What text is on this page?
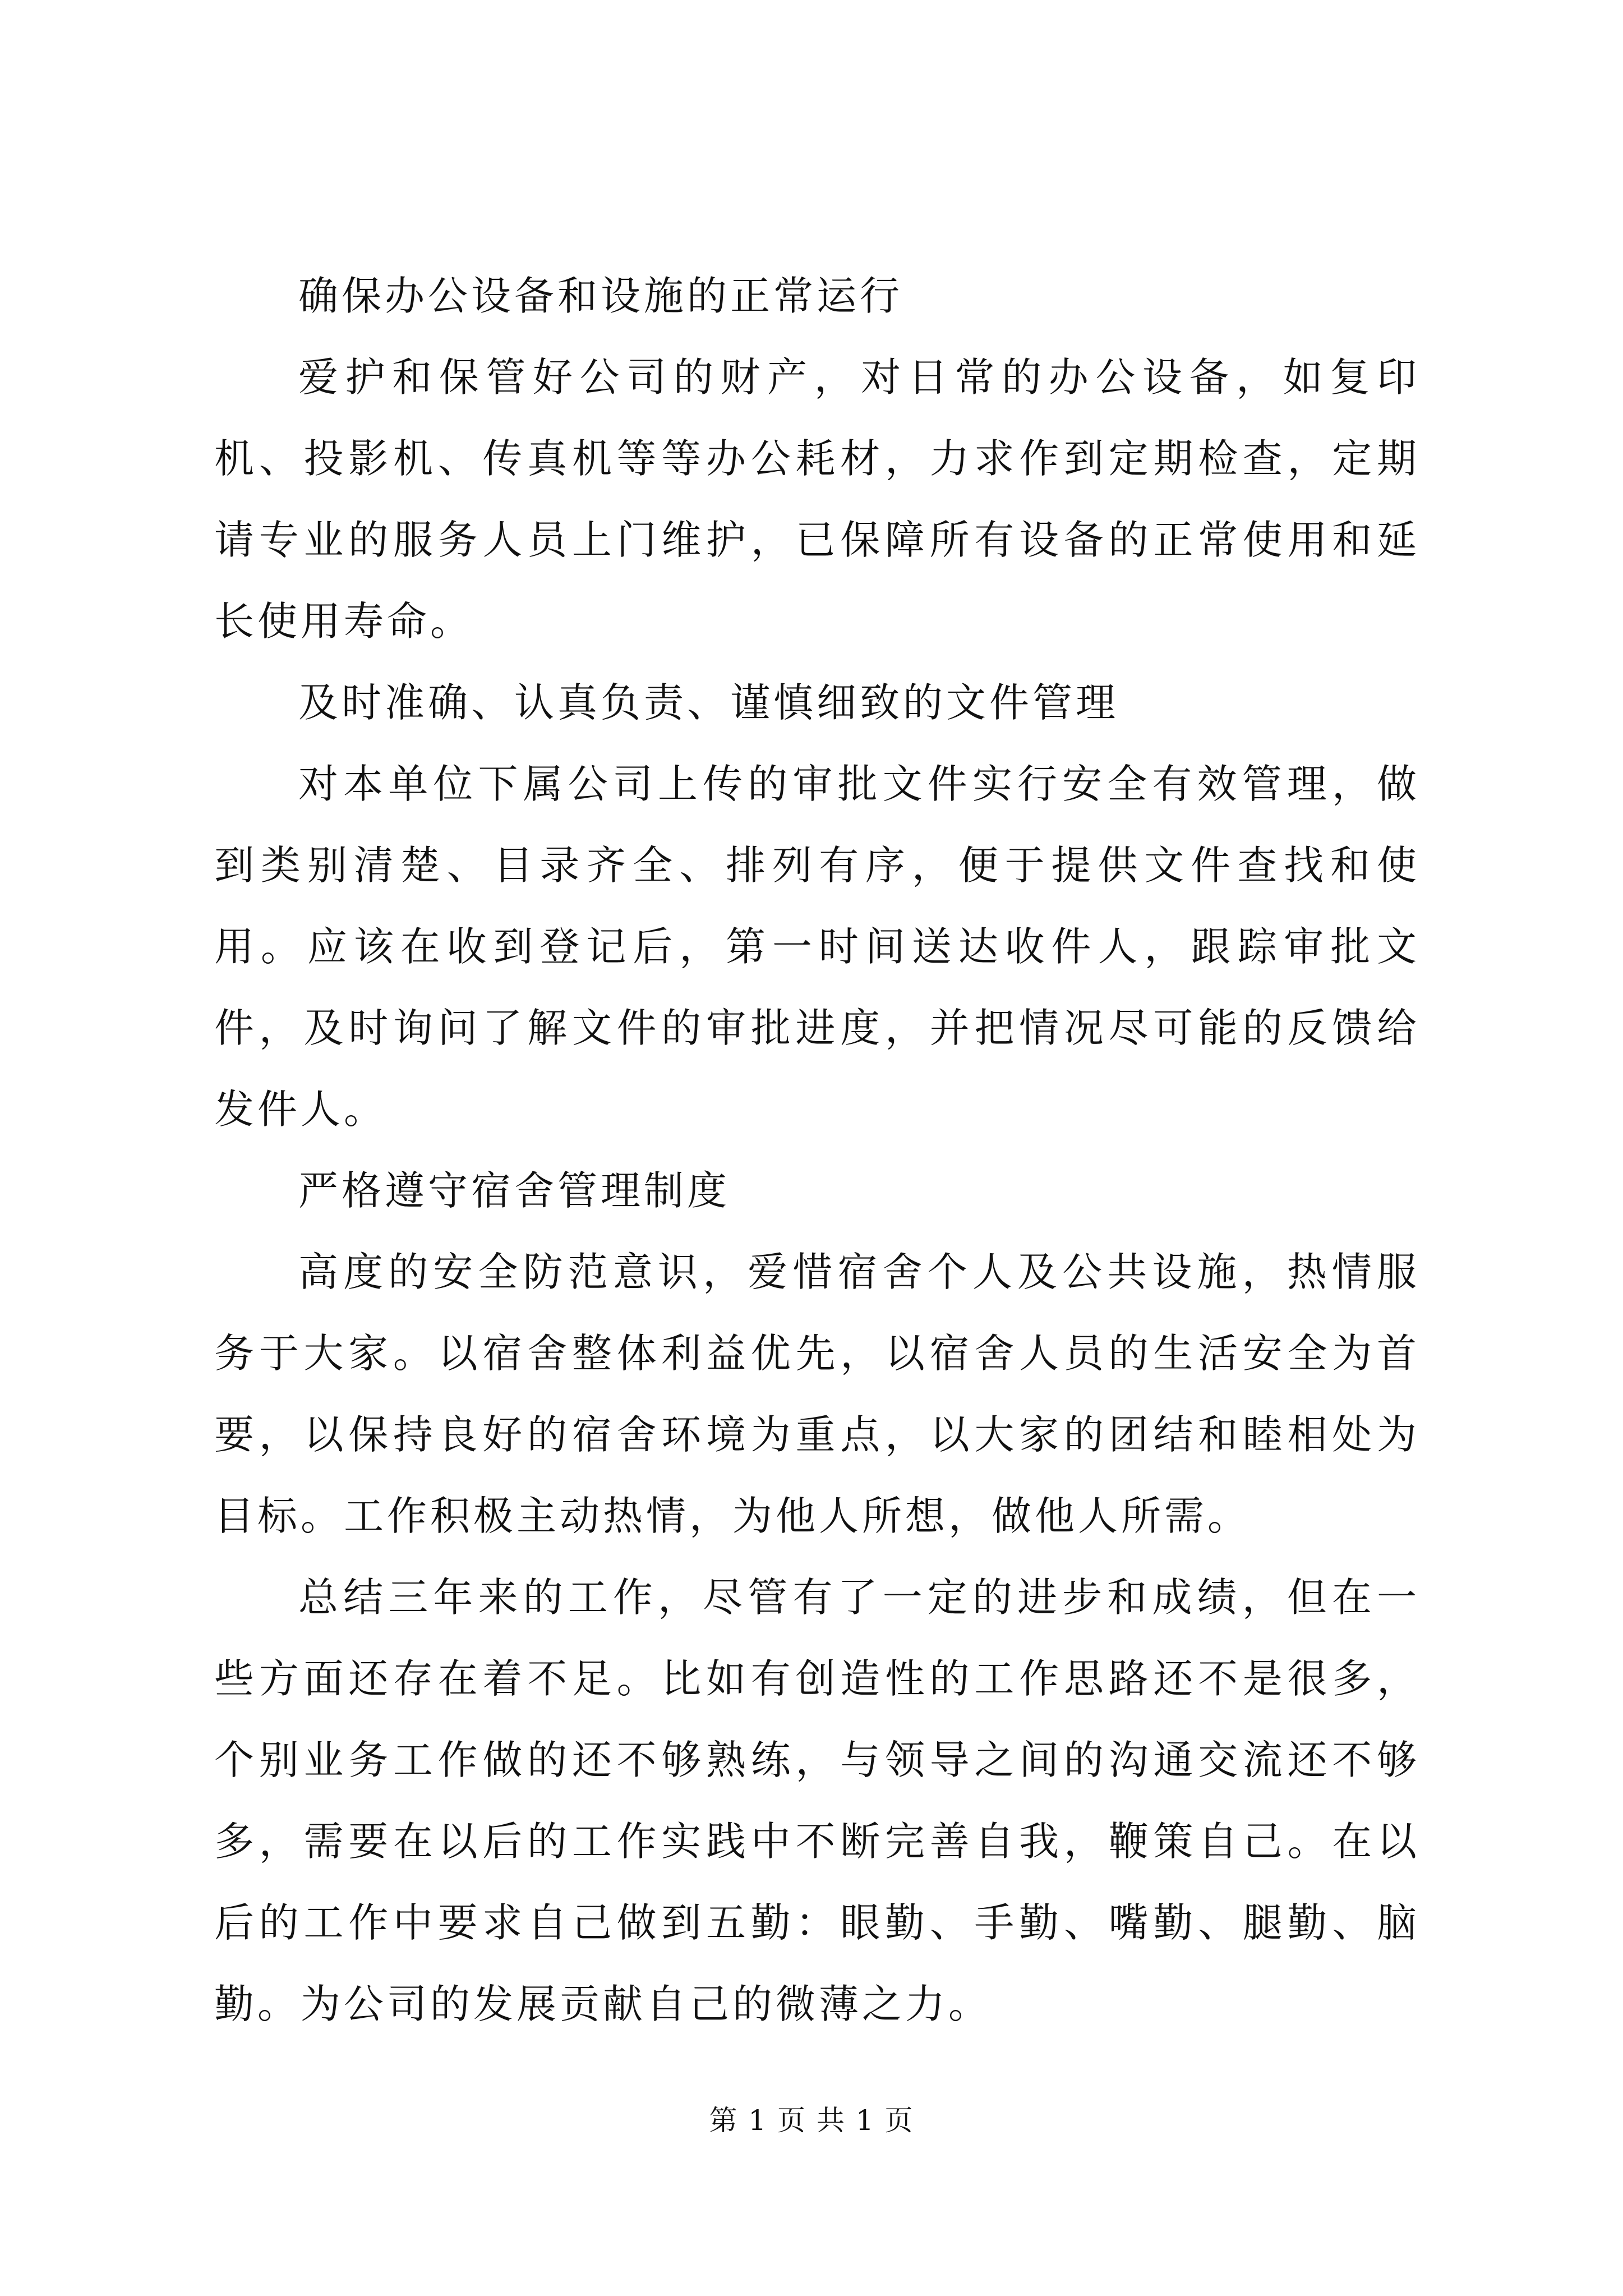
确保办公设备和设施的正常运行

爱护和保管好公司的财产，对日常的办公设备，如复印机、投影机、传真机等等办公耗材，力求作到定期检查，定期请专业的服务人员上门维护，已保障所有设备的正常使用和延长使用寿命。

及时准确、认真负责、谨慎细致的文件管理

对本单位下属公司上传的审批文件实行安全有效管理，做到类别清楚、目录齐全、排列有序，便于提供文件查找和使用。应该在收到登记后，第一时间送达收件人，跟踪审批文件，及时询问了解文件的审批进度，并把情况尽可能的反馈给发件人。

严格遵守宿舍管理制度

高度的安全防范意识，爱惜宿舍个人及公共设施，热情服务于大家。以宿舍整体利益优先，以宿舍人员的生活安全为首要，以保持良好的宿舍环境为重点，以大家的团结和睦相处为目标。工作积极主动热情，为他人所想，做他人所需。

总结三年来的工作，尽管有了一定的进步和成绩，但在一些方面还存在着不足。比如有创造性的工作思路还不是很多，个别业务工作做的还不够熟练，与领导之间的沟通交流还不够多，需要在以后的工作实践中不断完善自我，鞭策自己。在以后的工作中要求自己做到五勤：眼勤、手勤、嘴勤、腿勤、脑勤。为公司的发展贡献自己的微薄之力。

第 1 页 共 1 页
